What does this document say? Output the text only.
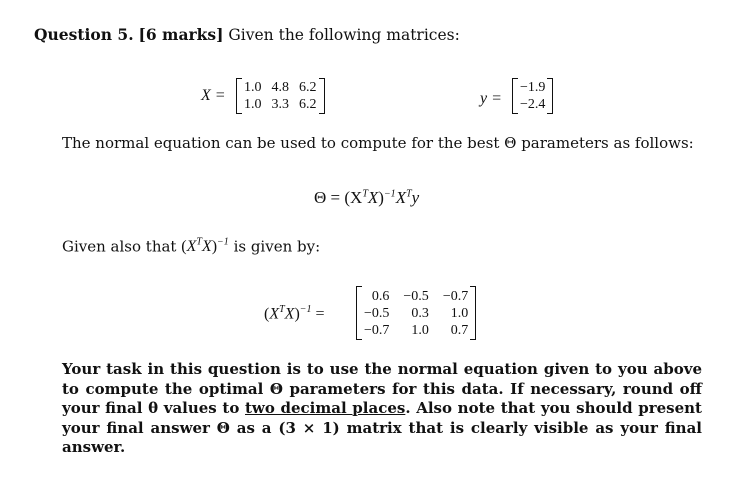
Question 5. [6 marks] Given the following matrices:
X = 1.0 4.8 6.2
1.0 3.3 6.2	y =
−1.9
−2.4
The normal equation can be used to compute for the best Θ parameters as follows:
$\Theta = (X^TX)^{-1}X^Ty$
Given also that $(X^TX)^{-1}$ is given by:
$(X^TX)^{-1}$ =
0.6 −0.5 −0.7
−0.5	0.3	1.0
−0.7	1.0	0.7
Your task in this question is to use the normal equation given to you above to compute the optimal Θ parameters for this data. If necessary, round off your final θ values to two decimal places. Also note that you should present your final answer Θ as a (3 × 1) matrix that is clearly visible as your final answer.
